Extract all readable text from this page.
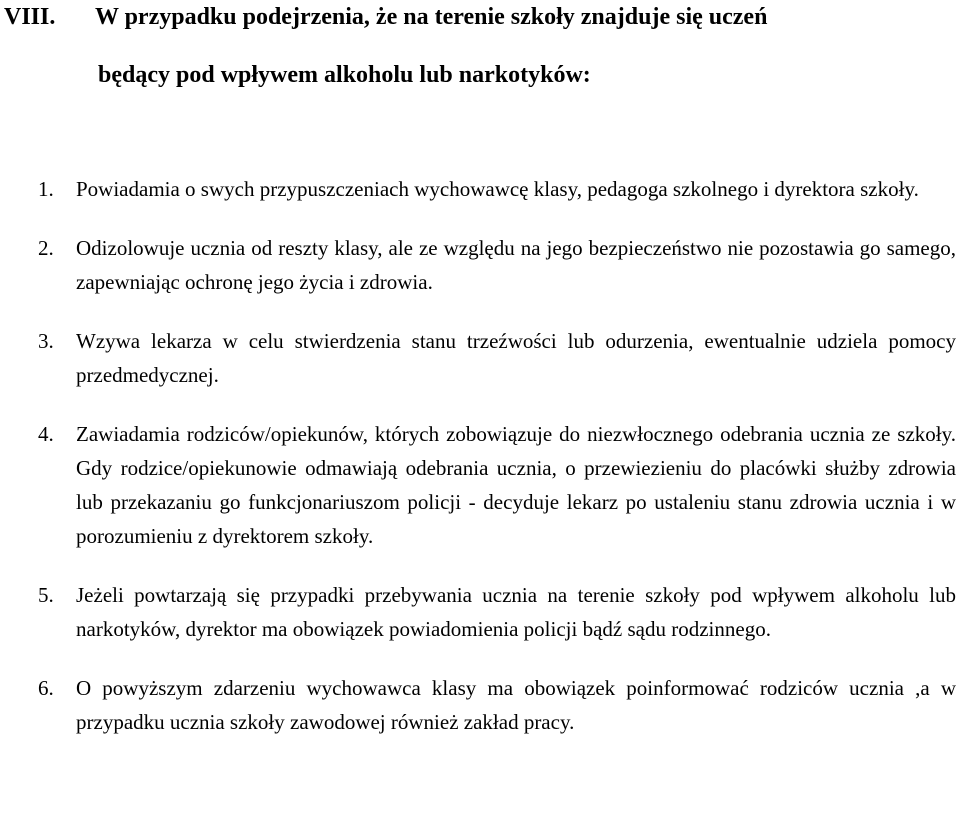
VIII. W przypadku podejrzenia, że na terenie szkoły znajduje się uczeń
będący pod wpływem alkoholu lub narkotyków:
1. Powiadamia o swych przypuszczeniach wychowawcę klasy, pedagoga szkolnego i dyrektora szkoły.
2. Odizolowuje ucznia od reszty klasy, ale ze względu na jego bezpieczeństwo nie pozostawia go samego, zapewniając ochronę jego życia i zdrowia.
3. Wzywa lekarza w celu stwierdzenia stanu trzeźwości lub odurzenia, ewentualnie udziela pomocy przedmedycznej.
4. Zawiadamia rodziców/opiekunów, których zobowiązuje do niezwłocznego odebrania ucznia ze szkoły. Gdy rodzice/opiekunowie odmawiają odebrania ucznia, o przewiezieniu do placówki służby zdrowia lub przekazaniu go funkcjonariuszom policji - decyduje lekarz po ustaleniu stanu zdrowia ucznia i w porozumieniu z dyrektorem szkoły.
5. Jeżeli powtarzają się przypadki przebywania ucznia na terenie szkoły pod wpływem alkoholu lub narkotyków, dyrektor ma obowiązek powiadomienia policji bądź sądu rodzinnego.
6. O powyższym zdarzeniu wychowawca klasy ma obowiązek poinformować rodziców ucznia ,a w przypadku ucznia szkoły zawodowej również zakład pracy.
